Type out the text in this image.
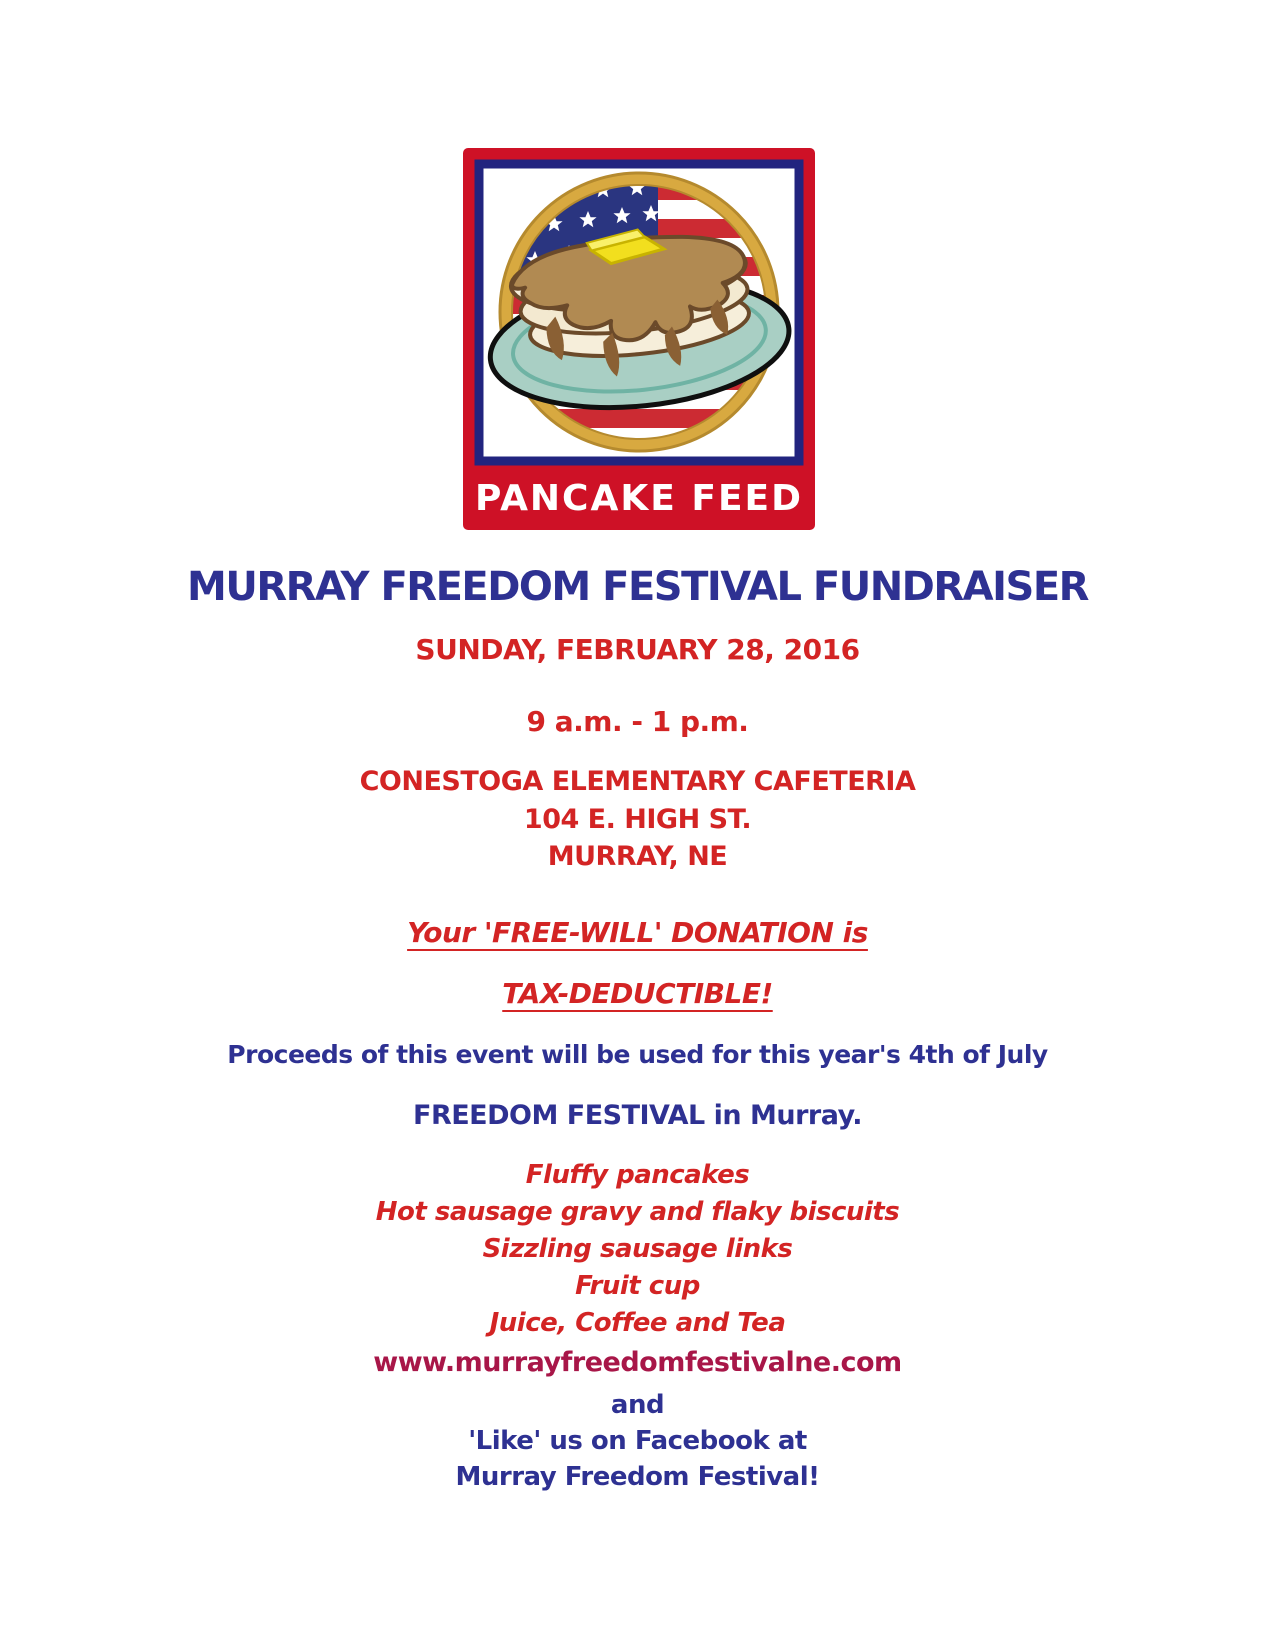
PANCAKE FEED
MURRAY FREEDOM FESTIVAL FUNDRAISER
SUNDAY, FEBRUARY 28, 2016
9 a.m. - 1 p.m.
CONESTOGA ELEMENTARY CAFETERIA
104 E. HIGH ST.
MURRAY, NE
Your 'FREE-WILL' DONATION is
TAX-DEDUCTIBLE!
Proceeds of this event will be used for this year's 4th of July
FREEDOM FESTIVAL in Murray.
Fluffy pancakes
Hot sausage gravy and flaky biscuits
Sizzling sausage links
Fruit cup
Juice, Coffee and Tea
www.murrayfreedomfestivalne.com
and
'Like' us on Facebook at
Murray Freedom Festival!
